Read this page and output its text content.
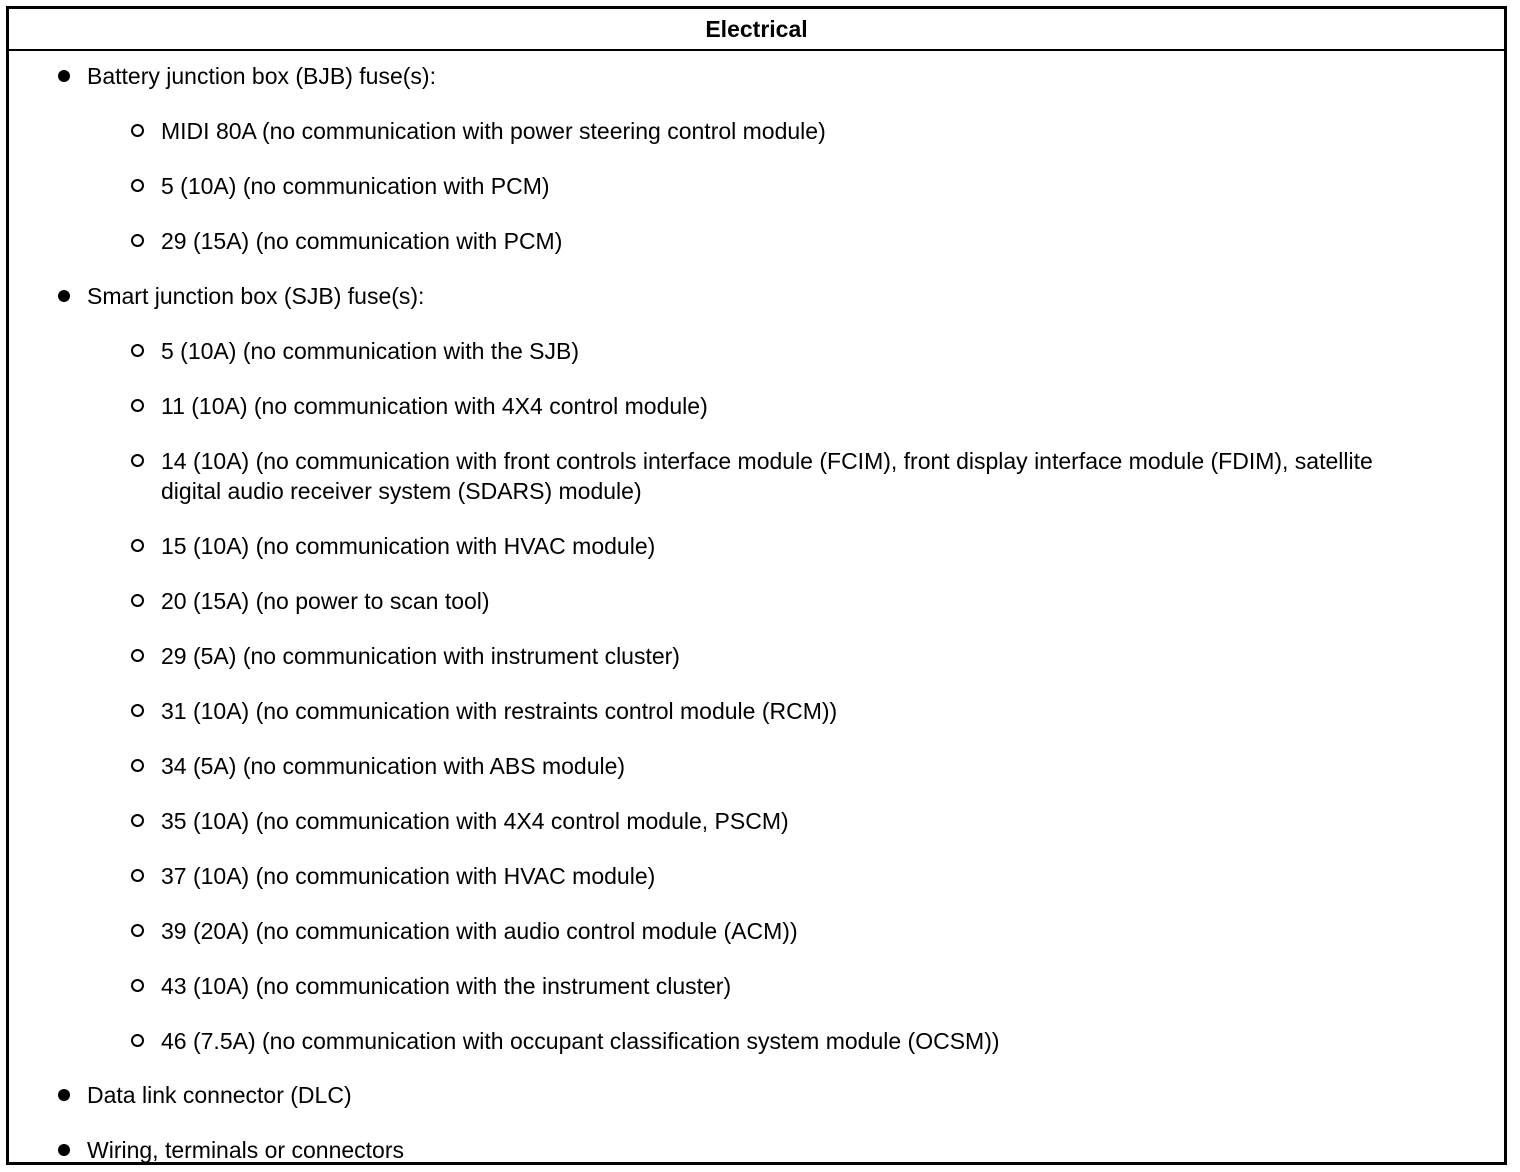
Electrical
Battery junction box (BJB) fuse(s):
MIDI 80A (no communication with power steering control module)
5 (10A) (no communication with PCM)
29 (15A) (no communication with PCM)
Smart junction box (SJB) fuse(s):
5 (10A) (no communication with the SJB)
11 (10A) (no communication with 4X4 control module)
14 (10A) (no communication with front controls interface module (FCIM), front display interface module (FDIM), satellite digital audio receiver system (SDARS) module)
15 (10A) (no communication with HVAC module)
20 (15A) (no power to scan tool)
29 (5A) (no communication with instrument cluster)
31 (10A) (no communication with restraints control module (RCM))
34 (5A) (no communication with ABS module)
35 (10A) (no communication with 4X4 control module, PSCM)
37 (10A) (no communication with HVAC module)
39 (20A) (no communication with audio control module (ACM))
43 (10A) (no communication with the instrument cluster)
46 (7.5A) (no communication with occupant classification system module (OCSM))
Data link connector (DLC)
Wiring, terminals or connectors
